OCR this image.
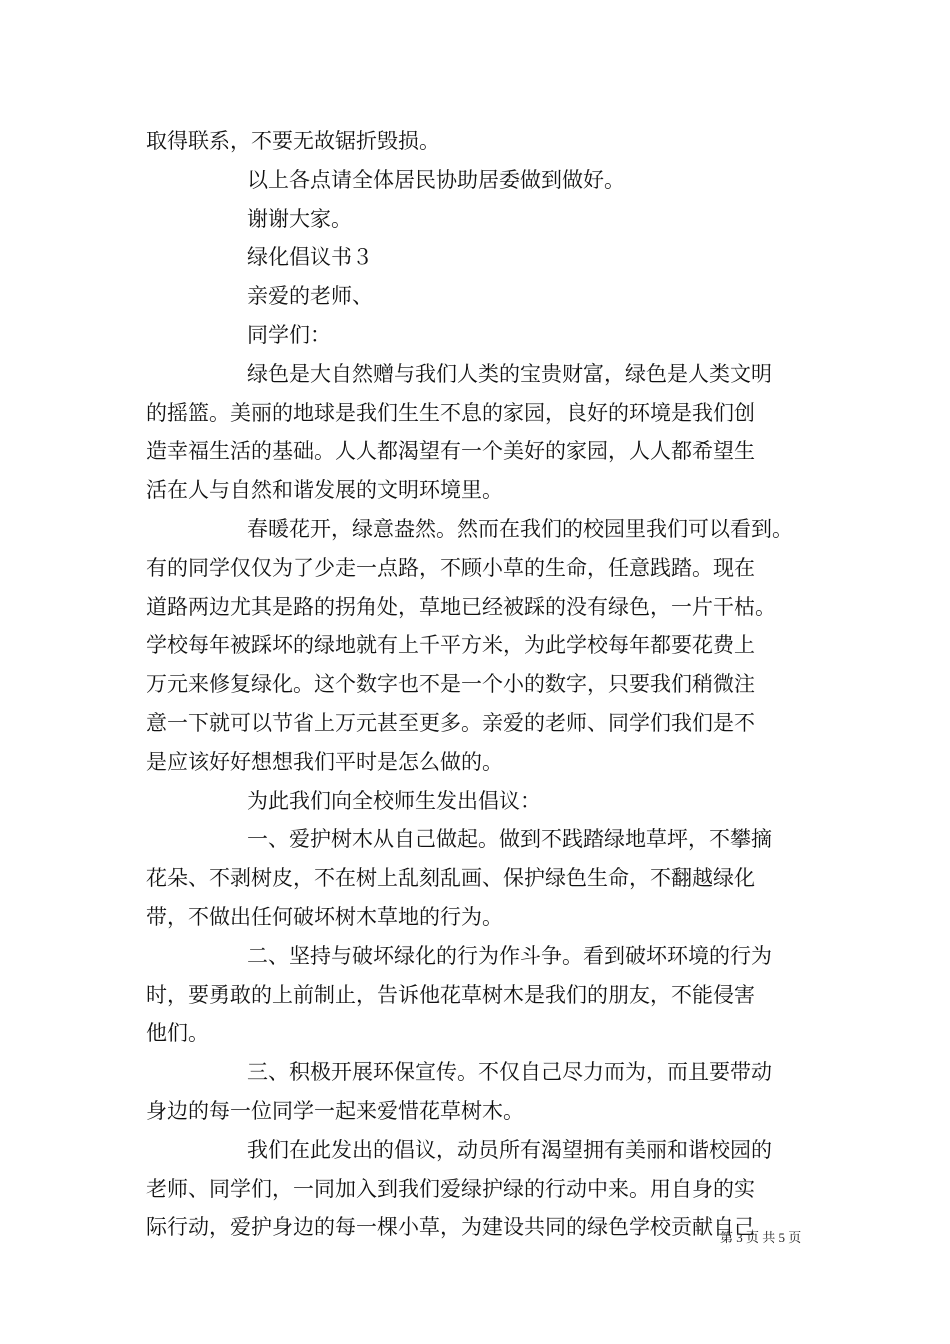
取得联系，不要无故锯折毁损。
以上各点请全体居民协助居委做到做好。
谢谢大家。
绿化倡议书３
亲爱的老师、
同学们：
绿色是大自然赠与我们人类的宝贵财富，绿色是人类文明
的摇篮。美丽的地球是我们生生不息的家园，良好的环境是我们创
造幸福生活的基础。人人都渴望有一个美好的家园，人人都希望生
活在人与自然和谐发展的文明环境里。
春暖花开，绿意盎然。然而在我们的校园里我们可以看到。
有的同学仅仅为了少走一点路，不顾小草的生命，任意践踏。现在
道路两边尤其是路的拐角处，草地已经被踩的没有绿色，一片干枯。
学校每年被踩坏的绿地就有上千平方米，为此学校每年都要花费上
万元来修复绿化。这个数字也不是一个小的数字，只要我们稍微注
意一下就可以节省上万元甚至更多。亲爱的老师、同学们我们是不
是应该好好想想我们平时是怎么做的。
为此我们向全校师生发出倡议：
一、爱护树木从自己做起。做到不践踏绿地草坪，不攀摘
花朵、不剥树皮，不在树上乱刻乱画、保护绿色生命，不翻越绿化
带，不做出任何破坏树木草地的行为。
二、坚持与破坏绿化的行为作斗争。看到破坏环境的行为
时，要勇敢的上前制止，告诉他花草树木是我们的朋友，不能侵害
他们。
三、积极开展环保宣传。不仅自己尽力而为，而且要带动
身边的每一位同学一起来爱惜花草树木。
我们在此发出的倡议，动员所有渴望拥有美丽和谐校园的
老师、同学们，一同加入到我们爱绿护绿的行动中来。用自身的实
际行动，爱护身边的每一棵小草，为建设共同的绿色学校贡献自己
第 3 页 共 5 页
